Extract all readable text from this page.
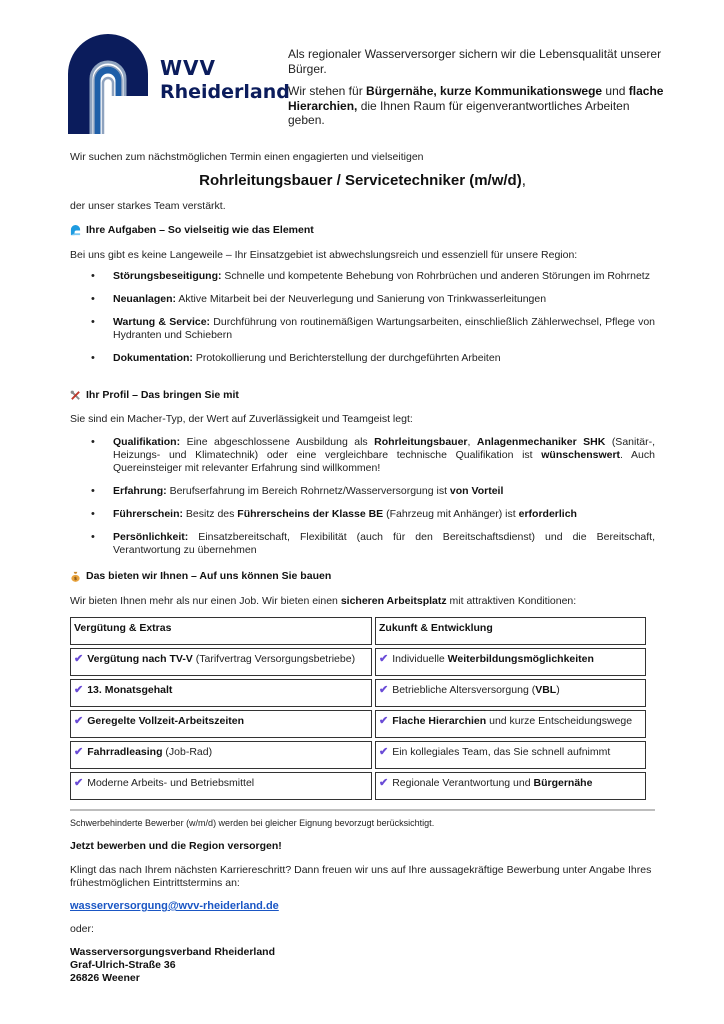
WVV
Rheiderland

Als regionaler Wasserversorger sichern wir die Lebensqualität unserer Bürger.

Wir stehen für Bürgernähe, kurze Kommunikationswege und flache Hierarchien, die Ihnen Raum für eigenverantwortliches Arbeiten geben.

Wir suchen zum nächstmöglichen Termin einen engagierten und vielseitigen
Rohrleitungsbauer / Servicetechniker (m/w/d),
der unser starkes Team verstärkt.
Ihre Aufgaben – So vielseitig wie das Element
Bei uns gibt es keine Langeweile – Ihr Einsatzgebiet ist abwechslungsreich und essenziell für unsere Region:
• Störungsbeseitigung: Schnelle und kompetente Behebung von Rohrbrüchen und anderen Störungen im Rohrnetz
• Neuanlagen: Aktive Mitarbeit bei der Neuverlegung und Sanierung von Trinkwasserleitungen
• Wartung & Service: Durchführung von routinemäßigen Wartungsarbeiten, einschließlich Zählerwechsel, Pflege von Hydranten und Schiebern
• Dokumentation: Protokollierung und Berichterstellung der durchgeführten Arbeiten
Ihr Profil – Das bringen Sie mit
Sie sind ein Macher-Typ, der Wert auf Zuverlässigkeit und Teamgeist legt:
• Qualifikation: Eine abgeschlossene Ausbildung als Rohrleitungsbauer, Anlagenmechaniker SHK (Sanitär-, Heizungs- und Klimatechnik) oder eine vergleichbare technische Qualifikation ist wünschenswert. Auch Quereinsteiger mit relevanter Erfahrung sind willkommen!
• Erfahrung: Berufserfahrung im Bereich Rohrnetz/Wasserversorgung ist von Vorteil
• Führerschein: Besitz des Führerscheins der Klasse BE (Fahrzeug mit Anhänger) ist erforderlich
• Persönlichkeit: Einsatzbereitschaft, Flexibilität (auch für den Bereitschaftsdienst) und die Bereitschaft, Verantwortung zu übernehmen
$ Das bieten wir Ihnen – Auf uns können Sie bauen
Wir bieten Ihnen mehr als nur einen Job. Wir bieten einen sicheren Arbeitsplatz mit attraktiven Konditionen:
Vergütung & Extras	Zukunft & Entwicklung
✔ Vergütung nach TV-V (Tarifvertrag Versorgungsbetriebe) ✔ Individuelle Weiterbildungsmöglichkeiten
✔ 13. Monatsgehalt	✔ Betriebliche Altersversorgung (VBL)
✔ Geregelte Vollzeit-Arbeitszeiten	✔ Flache Hierarchien und kurze Entscheidungswege
✔ Fahrradleasing (Job-Rad)	✔ Ein kollegiales Team, das Sie schnell aufnimmt
✔ Moderne Arbeits- und Betriebsmittel	✔ Regionale Verantwortung und Bürgernähe
Schwerbehinderte Bewerber (w/m/d) werden bei gleicher Eignung bevorzugt berücksichtigt.
Jetzt bewerben und die Region versorgen!
Klingt das nach Ihrem nächsten Karriereschritt? Dann freuen wir uns auf Ihre aussagekräftige Bewerbung unter Angabe Ihres frühestmöglichen Eintrittstermins an:
wasserversorgung@wvv-rheiderland.de
oder:
Wasserversorgungsverband Rheiderland
Graf-Ulrich-Straße 36
26826 Weener
